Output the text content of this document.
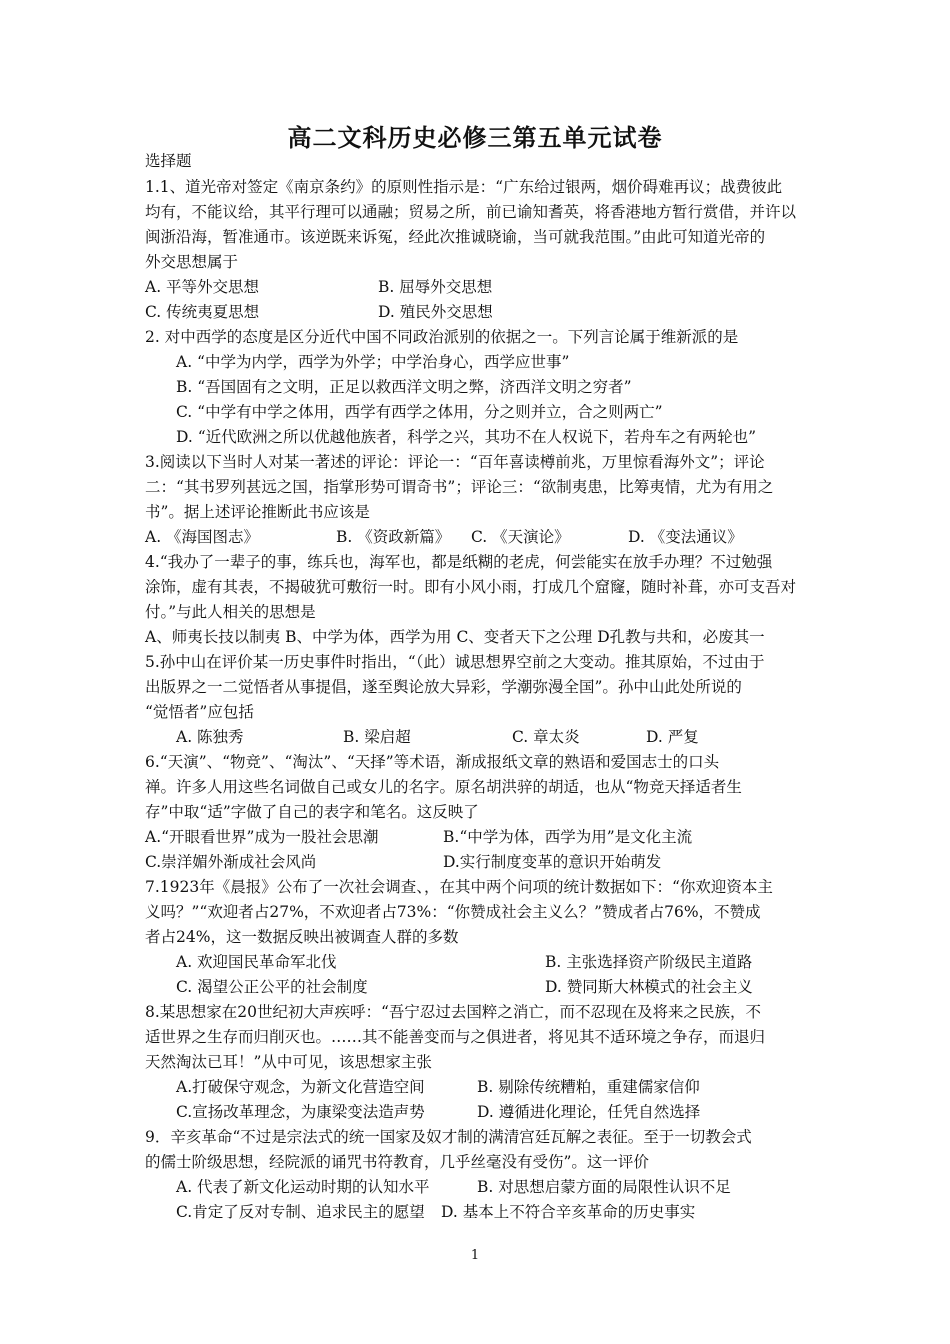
高二文科历史必修三第五单元试卷
选择题
1.1、道光帝对签定《南京条约》的原则性指示是：“广东给过银两，烟价碍难再议；战费彼此
均有，不能议给，其平行理可以通融；贸易之所，前已谕知耆英，将香港地方暂行赏借，并许以
闽浙沿海，暂准通市。该逆既来诉冤，经此次推诚晓谕，当可就我范围。”由此可知道光帝的
外交思想属于
A. 平等外交思想	B. 屈辱外交思想
C. 传统夷夏思想	D. 殖民外交思想
2. 对中西学的态度是区分近代中国不同政治派别的依据之一。下列言论属于维新派的是
A. “中学为内学，西学为外学；中学治身心，西学应世事”
B. “吾国固有之文明，正足以救西洋文明之弊，济西洋文明之穷者”
C. “中学有中学之体用，西学有西学之体用，分之则并立，合之则两亡”
D. “近代欧洲之所以优越他族者，科学之兴，其功不在人权说下，若舟车之有两轮也”
3.阅读以下当时人对某一著述的评论：评论一：“百年喜读樽前兆，万里惊看海外文”；评论
二：“其书罗列甚远之国，指掌形势可谓奇书”；评论三：“欲制夷患，比筹夷情，尤为有用之
书”。据上述评论推断此书应该是
A. 《海国图志》	B. 《资政新篇》 C. 《天演论》	D. 《变法通议》
4.“我办了一辈子的事，练兵也，海军也，都是纸糊的老虎，何尝能实在放手办理？不过勉强
涂饰，虚有其表，不揭破犹可敷衍一时。即有小风小雨，打成几个窟窿，随时补葺，亦可支吾对
付。”与此人相关的思想是
A、师夷长技以制夷 B、中学为体，西学为用 C、变者天下之公理 D孔教与共和，必废其一
5.孙中山在评价某一历史事件时指出，“（此）诚思想界空前之大变动。推其原始，不过由于
出版界之一二觉悟者从事提倡，遂至舆论放大异彩，学潮弥漫全国”。孙中山此处所说的
“觉悟者”应包括
A. 陈独秀	B. 梁启超	C. 章太炎	D. 严复
6.“天演”、“物竞”、“淘汰”、“天择”等术语，渐成报纸文章的熟语和爱国志士的口头
禅。许多人用这些名词做自己或女儿的名字。原名胡洪骍的胡适，也从“物竞天择适者生
存”中取“适”字做了自己的表字和笔名。这反映了
A.“开眼看世界”成为一股社会思潮	B.“中学为体，西学为用”是文化主流
C.崇洋媚外渐成社会风尚	D.实行制度变革的意识开始萌发
7.1923年《晨报》公布了一次社会调查、，在其中两个问项的统计数据如下：“你欢迎资本主
义吗？”“欢迎者占27%，不欢迎者占73%：“你赞成社会主义么？”赞成者占76%，不赞成
者占24%，这一数据反映出被调查人群的多数
A. 欢迎国民革命军北伐	B. 主张选择资产阶级民主道路
C. 渴望公正公平的社会制度	D. 赞同斯大林模式的社会主义
8.某思想家在20世纪初大声疾呼：“吾宁忍过去国粹之消亡，而不忍现在及将来之民族，不
适世界之生存而归削灭也。……其不能善变而与之俱进者，将见其不适环境之争存，而退归
天然淘汰已耳！”从中可见，该思想家主张
A.打破保守观念，为新文化营造空间	B. 剔除传统糟粕，重建儒家信仰
C.宣扬改革理念，为康梁变法造声势	D. 遵循进化理论，任凭自然选择
9．辛亥革命“不过是宗法式的统一国家及奴才制的满清宫廷瓦解之表征。至于一切教会式
的儒士阶级思想，经院派的诵咒书符教育，几乎丝毫没有受伤”。这一评价
A. 代表了新文化运动时期的认知水平	B. 对思想启蒙方面的局限性认识不足
C.肯定了反对专制、追求民主的愿望 D. 基本上不符合辛亥革命的历史事实
1
